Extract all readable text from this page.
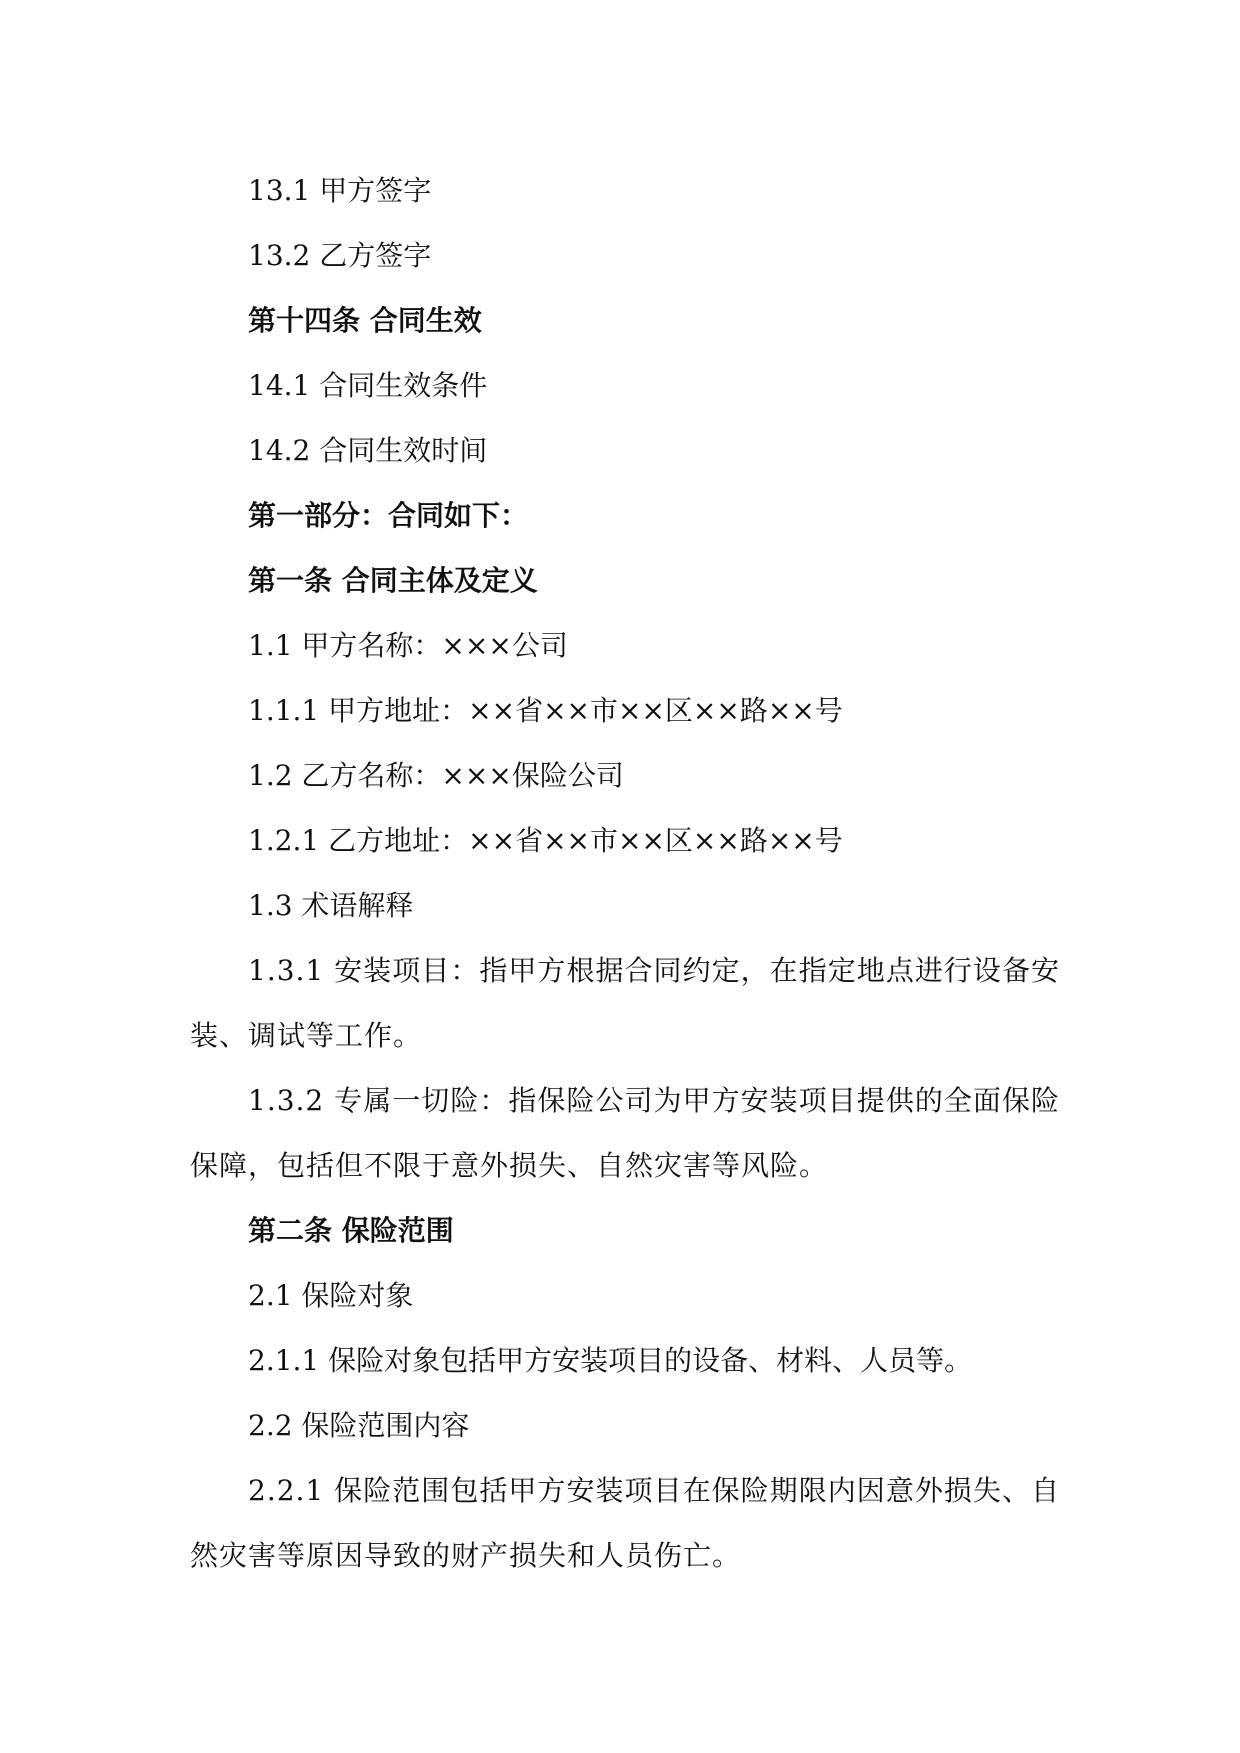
13.1 甲方签字
13.2 乙方签字
第十四条 合同生效
14.1 合同生效条件
14.2 合同生效时间
第一部分：合同如下：
第一条 合同主体及定义
1.1 甲方名称：×××公司
1.1.1 甲方地址：××省××市××区××路××号
1.2 乙方名称：×××保险公司
1.2.1 乙方地址：××省××市××区××路××号
1.3 术语解释

1.3.1 安装项目：指甲方根据合同约定，在指定地点进行设备安装、调试等工作。

1.3.2 专属一切险：指保险公司为甲方安装项目提供的全面保险保障，包括但不限于意外损失、自然灾害等风险。

第二条 保险范围
2.1 保险对象
2.1.1 保险对象包括甲方安装项目的设备、材料、人员等。
2.2 保险范围内容

2.2.1 保险范围包括甲方安装项目在保险期限内因意外损失、自然灾害等原因导致的财产损失和人员伤亡。
